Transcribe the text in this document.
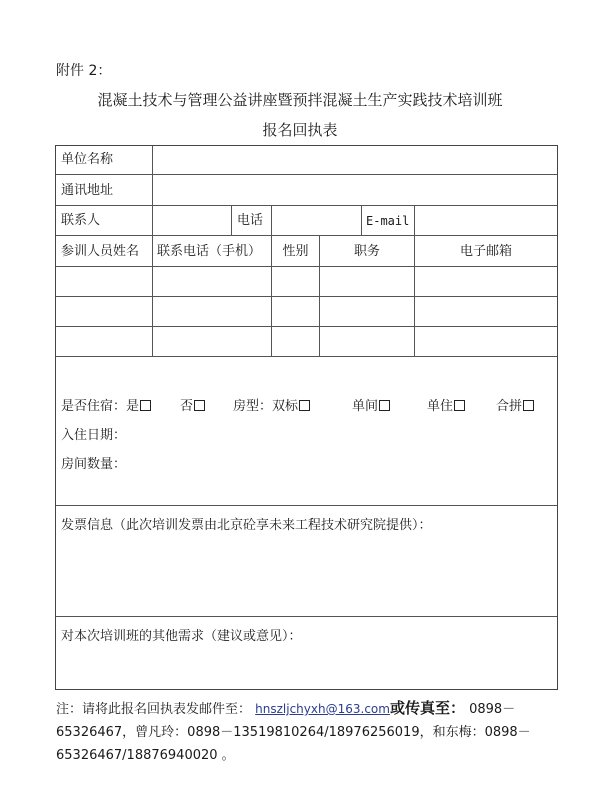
附件 2：
混凝土技术与管理公益讲座暨预拌混凝土生产实践技术培训班
报名回执表
单位名称
通讯地址
联系人	电话	E-mail
参训人员姓名 联系电话（手机）	性别	职务	电子邮箱
是否住宿：是	否	房型：双标	单间	单住	合拼
入住日期：
房间数量：
发票信息（此次培训发票由北京砼享未来工程技术研究院提供）：
对本次培训班的其他需求（建议或意见）：
注：请将此报名回执表发邮件至： hnszljchyxh@163.com或传真至： 0898－
65326467，曾凡玲：0898－13519810264/18976256019，和东梅：0898－
65326467/18876940020 。
